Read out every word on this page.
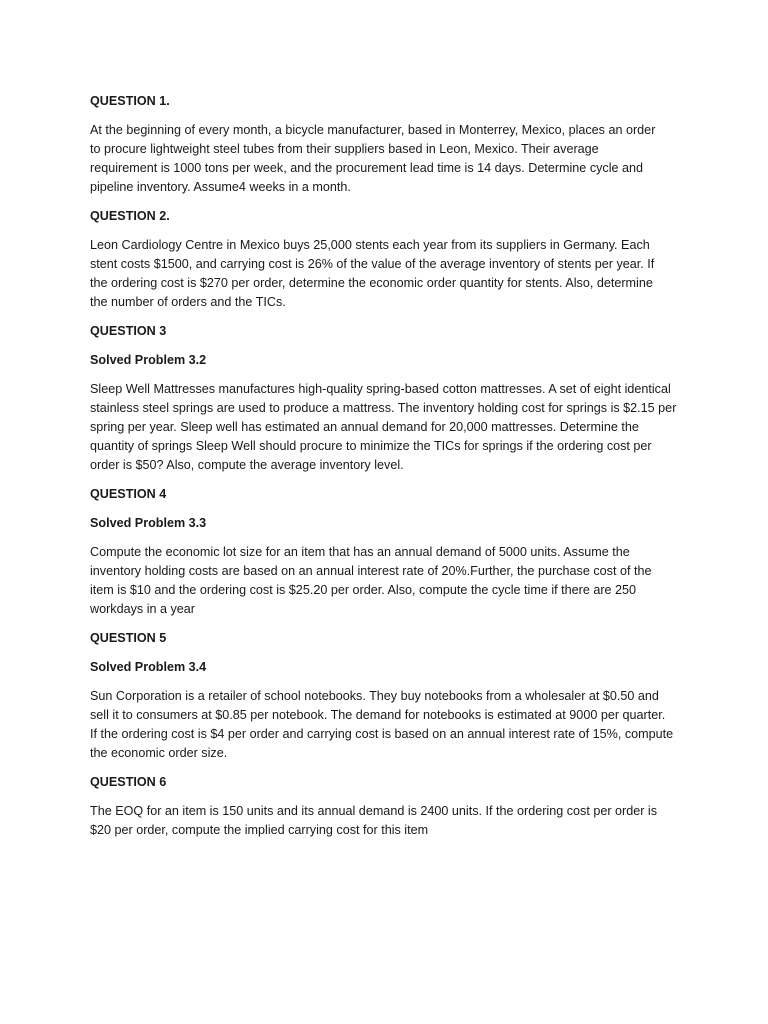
QUESTION 1.
At the beginning of every month, a bicycle manufacturer, based in Monterrey, Mexico, places an order
to procure lightweight steel tubes from their suppliers based in Leon, Mexico. Their average
requirement is 1000 tons per week, and the procurement lead time is 14 days. Determine cycle and
pipeline inventory. Assume4 weeks in a month.
QUESTION 2.
Leon Cardiology Centre in Mexico buys 25,000 stents each year from its suppliers in Germany. Each
stent costs $1500, and carrying cost is 26% of the value of the average inventory of stents per year. If
the ordering cost is $270 per order, determine the economic order quantity for stents. Also, determine
the number of orders and the TICs.
QUESTION 3
Solved Problem 3.2
Sleep Well Mattresses manufactures high-quality spring-based cotton mattresses. A set of eight identical
stainless steel springs are used to produce a mattress. The inventory holding cost for springs is $2.15 per
spring per year. Sleep well has estimated an annual demand for 20,000 mattresses. Determine the
quantity of springs Sleep Well should procure to minimize the TICs for springs if the ordering cost per
order is $50? Also, compute the average inventory level.
QUESTION 4
Solved Problem 3.3
Compute the economic lot size for an item that has an annual demand of 5000 units. Assume the
inventory holding costs are based on an annual interest rate of 20%.Further, the purchase cost of the
item is $10 and the ordering cost is $25.20 per order. Also, compute the cycle time if there are 250
workdays in a year
QUESTION 5
Solved Problem 3.4
Sun Corporation is a retailer of school notebooks. They buy notebooks from a wholesaler at $0.50 and
sell it to consumers at $0.85 per notebook. The demand for notebooks is estimated at 9000 per quarter.
If the ordering cost is $4 per order and carrying cost is based on an annual interest rate of 15%, compute
the economic order size.
QUESTION 6
The EOQ for an item is 150 units and its annual demand is 2400 units. If the ordering cost per order is
$20 per order, compute the implied carrying cost for this item
